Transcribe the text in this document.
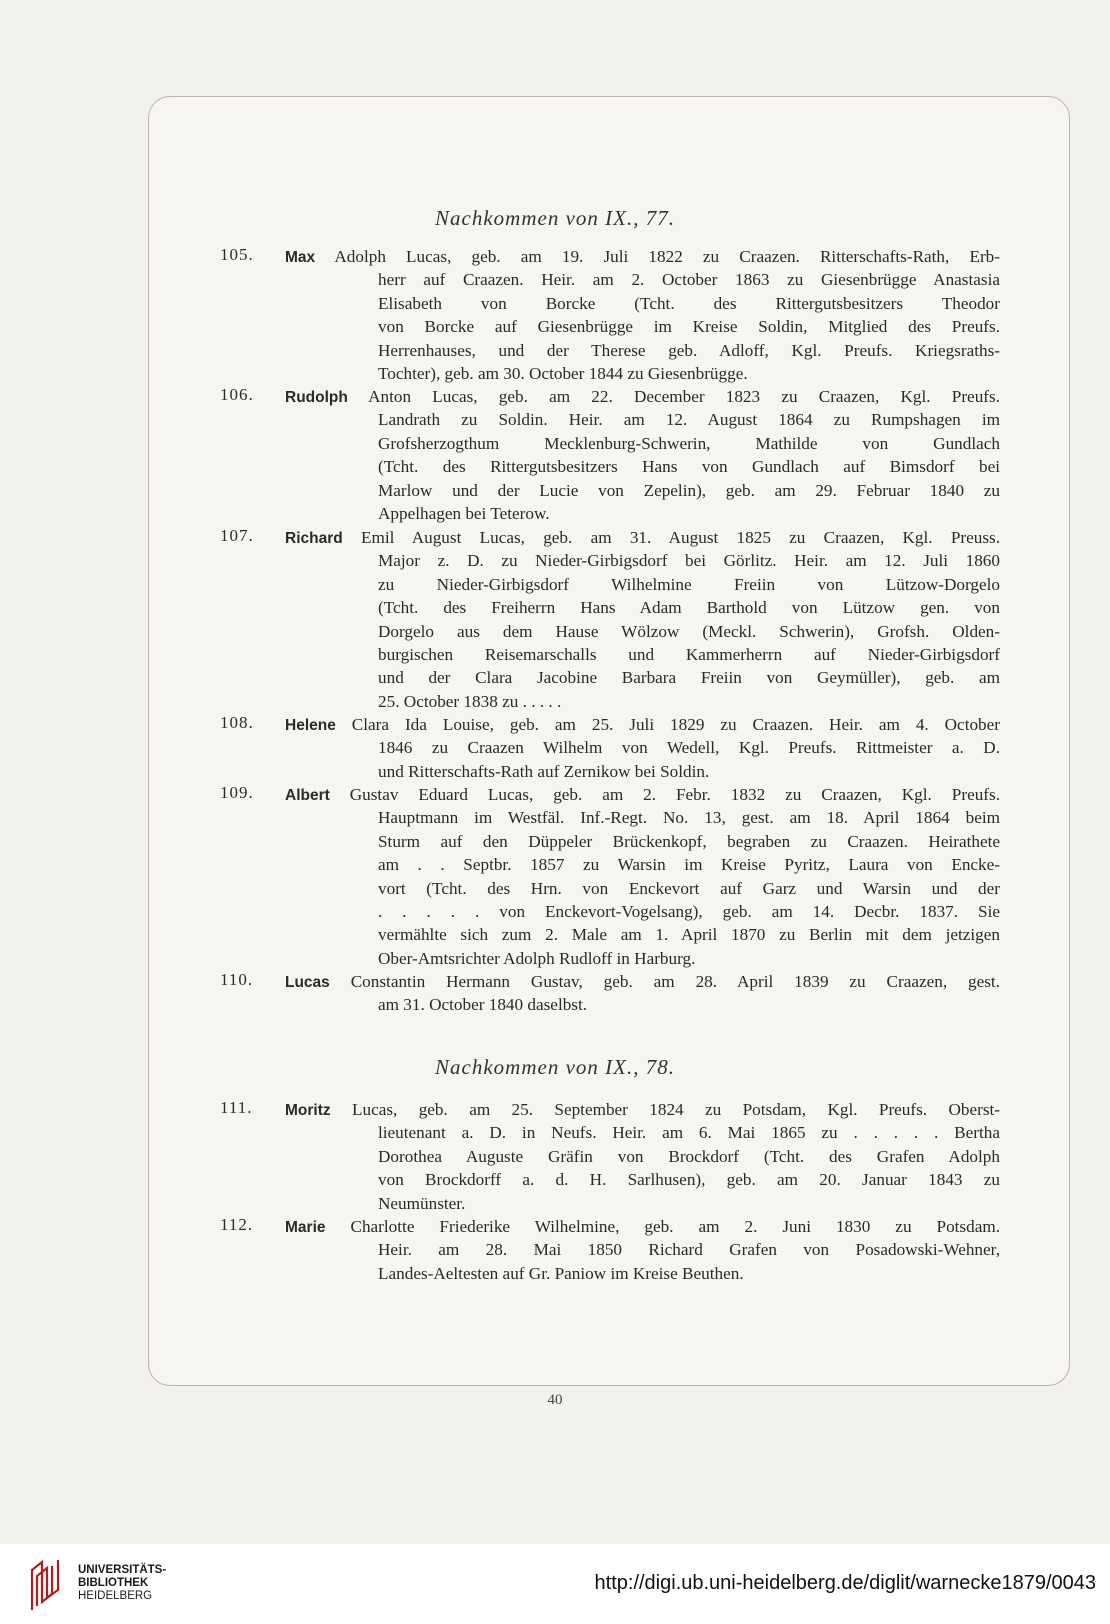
Nachkommen von IX., 77.
105.	Max Adolph Lucas, geb. am 19. Juli 1822 zu Craazen. Ritterschafts-Rath, Erb-
herr auf Craazen. Heir. am 2. October 1863 zu Giesenbrügge Anastasia
Elisabeth von Borcke (Tcht. des Rittergutsbesitzers Theodor
von Borcke auf Giesenbrügge im Kreise Soldin, Mitglied des Preufs.
Herrenhauses, und der Therese geb. Adloff, Kgl. Preufs. Kriegsraths-
Tochter), geb. am 30. October 1844 zu Giesenbrügge.
106.	Rudolph Anton Lucas, geb. am 22. December 1823 zu Craazen, Kgl. Preufs.
Landrath zu Soldin. Heir. am 12. August 1864 zu Rumpshagen im
Grofsherzogthum Mecklenburg-Schwerin, Mathilde von Gundlach
(Tcht. des Rittergutsbesitzers Hans von Gundlach auf Bimsdorf bei
Marlow und der Lucie von Zepelin), geb. am 29. Februar 1840 zu
Appelhagen bei Teterow.
107.	Richard Emil August Lucas, geb. am 31. August 1825 zu Craazen, Kgl. Preuss.
Major z. D. zu Nieder-Girbigsdorf bei Görlitz. Heir. am 12. Juli 1860
zu Nieder-Girbigsdorf Wilhelmine Freiin von Lützow-Dorgelo
(Tcht. des Freiherrn Hans Adam Barthold von Lützow gen. von
Dorgelo aus dem Hause Wölzow (Meckl. Schwerin), Grofsh. Olden-
burgischen Reisemarschalls und Kammerherrn auf Nieder-Girbigsdorf
und der Clara Jacobine Barbara Freiin von Geymüller), geb. am
25. October 1838 zu . . . . .
108.	Helene Clara Ida Louise, geb. am 25. Juli 1829 zu Craazen. Heir. am 4. October
1846 zu Craazen Wilhelm von Wedell, Kgl. Preufs. Rittmeister a. D.
und Ritterschafts-Rath auf Zernikow bei Soldin.
109.	Albert Gustav Eduard Lucas, geb. am 2. Febr. 1832 zu Craazen, Kgl. Preufs.
Hauptmann im Westfäl. Inf.-Regt. No. 13, gest. am 18. April 1864 beim
Sturm auf den Düppeler Brückenkopf, begraben zu Craazen. Heirathete
am . . Septbr. 1857 zu Warsin im Kreise Pyritz, Laura von Encke-
vort (Tcht. des Hrn. von Enckevort auf Garz und Warsin und der
. . . . . von Enckevort-Vogelsang), geb. am 14. Decbr. 1837. Sie
vermählte sich zum 2. Male am 1. April 1870 zu Berlin mit dem jetzigen
Ober-Amtsrichter Adolph Rudloff in Harburg.
110.	Lucas Constantin Hermann Gustav, geb. am 28. April 1839 zu Craazen, gest.
am 31. October 1840 daselbst.
Nachkommen von IX., 78.
111.	Moritz Lucas, geb. am 25. September 1824 zu Potsdam, Kgl. Preufs. Oberst-
lieutenant a. D. in Neufs. Heir. am 6. Mai 1865 zu . . . . . Bertha
Dorothea Auguste Gräfin von Brockdorf (Tcht. des Grafen Adolph
von Brockdorff a. d. H. Sarlhusen), geb. am 20. Januar 1843 zu
Neumünster.
112.	Marie Charlotte Friederike Wilhelmine, geb. am 2. Juni 1830 zu Potsdam.
Heir. am 28. Mai 1850 Richard Grafen von Posadowski-Wehner,
Landes-Aeltesten auf Gr. Paniow im Kreise Beuthen.
40
UNIVERSITÄTS-
BIBLIOTHEK
HEIDELBERG
http://digi.ub.uni-heidelberg.de/diglit/warnecke1879/0043
